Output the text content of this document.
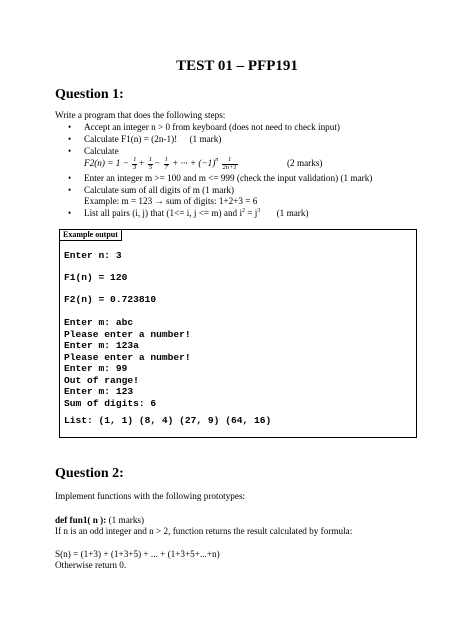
TEST 01 – PFP191
Question 1:
Write a program that does the following steps:
• Accept an integer n > 0 from keyboard (does not need to check input)
• Calculate F1(n) = (2n-1)! (1 mark)
• Calculate
$F2(n) = 1 - \frac{1}{3} + \frac{1}{5} - \frac{1}{7}$ + ··· + $(-1)^n \frac{1}{2n+1}$	(2 marks)
• Enter an integer m >= 100 and m <= 999 (check the input validation) (1 mark)
• Calculate sum of all digits of m (1 mark)
Example: m = 123 → sum of digits: 1+2+3 = 6
• List all pairs (i, j) that (1<= i, j <= m) and $i^2 = j^3$ (1 mark)
Example output
Enter n: 3
F1(n) = 120
F2(n) = 0.723810
Enter m: abc
Please enter a number!
Enter m: 123a
Please enter a number!
Enter m: 99
Out of range!
Enter m: 123
Sum of digits: 6
List: (1, 1) (8, 4) (27, 9) (64, 16)
Question 2:
Implement functions with the following prototypes:
def fun1( n ): (1 marks)
If n is an odd integer and n > 2, function returns the result calculated by formula:
S(n) = (1+3) + (1+3+5) + ... + (1+3+5+...+n)
Otherwise return 0.
